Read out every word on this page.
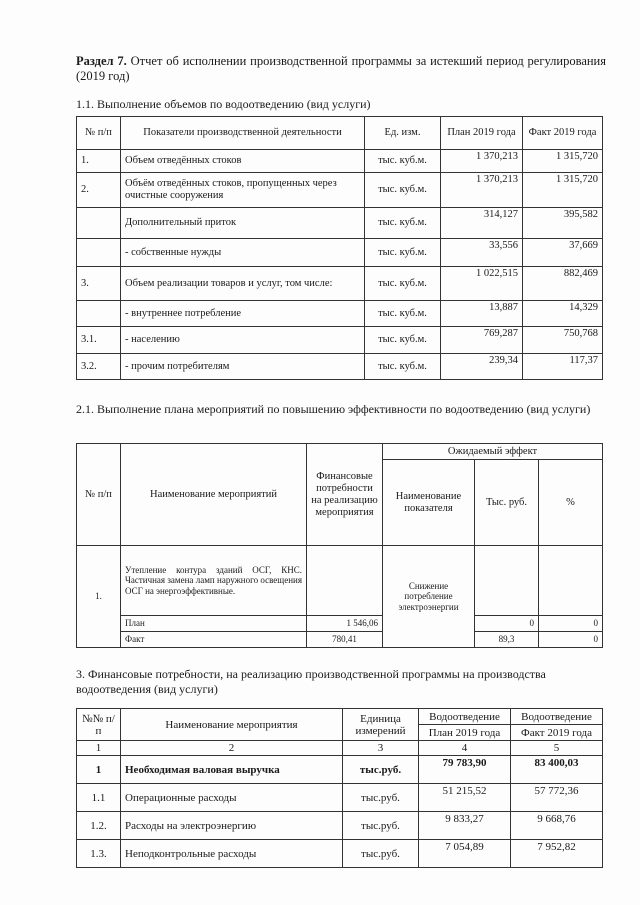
Раздел 7. Отчет об исполнении производственной программы за истекший период регулирования (2019 год)
1.1. Выполнение объемов по водоотведению (вид услуги)
№ п/п	Показатели производственной деятельности	Ед. изм.	План 2019 года	Факт 2019 года
1.	Объем отведённых стоков	тыс. куб.м.	1 370,213	1 315,720
2.	Объём отведённых стоков, пропущенных через очистные сооружения	тыс. куб.м.	1 370,213	1 315,720
	Дополнительный приток	тыс. куб.м.	314,127	395,582
	- собственные нужды	тыс. куб.м.	33,556	37,669
3.	Объем реализации товаров и услуг, том числе:	тыс. куб.м.	1 022,515	882,469
	- внутреннее потребление	тыс. куб.м.	13,887	14,329
3.1.	- населению	тыс. куб.м.	769,287	750,768
3.2.	- прочим потребителям	тыс. куб.м.	239,34	117,37
2.1. Выполнение плана мероприятий по повышению эффективности по водоотведению (вид услуги)
№ п/п	Наименование мероприятий	Финансовые потребности на реализацию мероприятия	Ожидаемый эффект		
			Наименование показателя	Тыс. руб.	%
1.	Утепление контура зданий ОСГ, КНС. Частичная замена ламп наружного освещения ОСГ на энергоэффективные.		Снижение потребление электроэнергии		
	План	1 546,06		0	0
	Факт	780,41		89,3	0
3. Финансовые потребности, на реализацию производственной программы на производства водоотведения (вид услуги)
№№ п/п	Наименование мероприятия	Единица измерений	Водоотведение	Водоотведение
			План 2019 года	Факт 2019 года
1	2	3	4	5
1	Необходимая валовая выручка	тыс.руб.	79 783,90	83 400,03
1.1	Операционные расходы	тыс.руб.	51 215,52	57 772,36
1.2.	Расходы на электроэнергию	тыс.руб.	9 833,27	9 668,76
1.3.	Неподконтрольные расходы	тыс.руб.	7 054,89	7 952,82
